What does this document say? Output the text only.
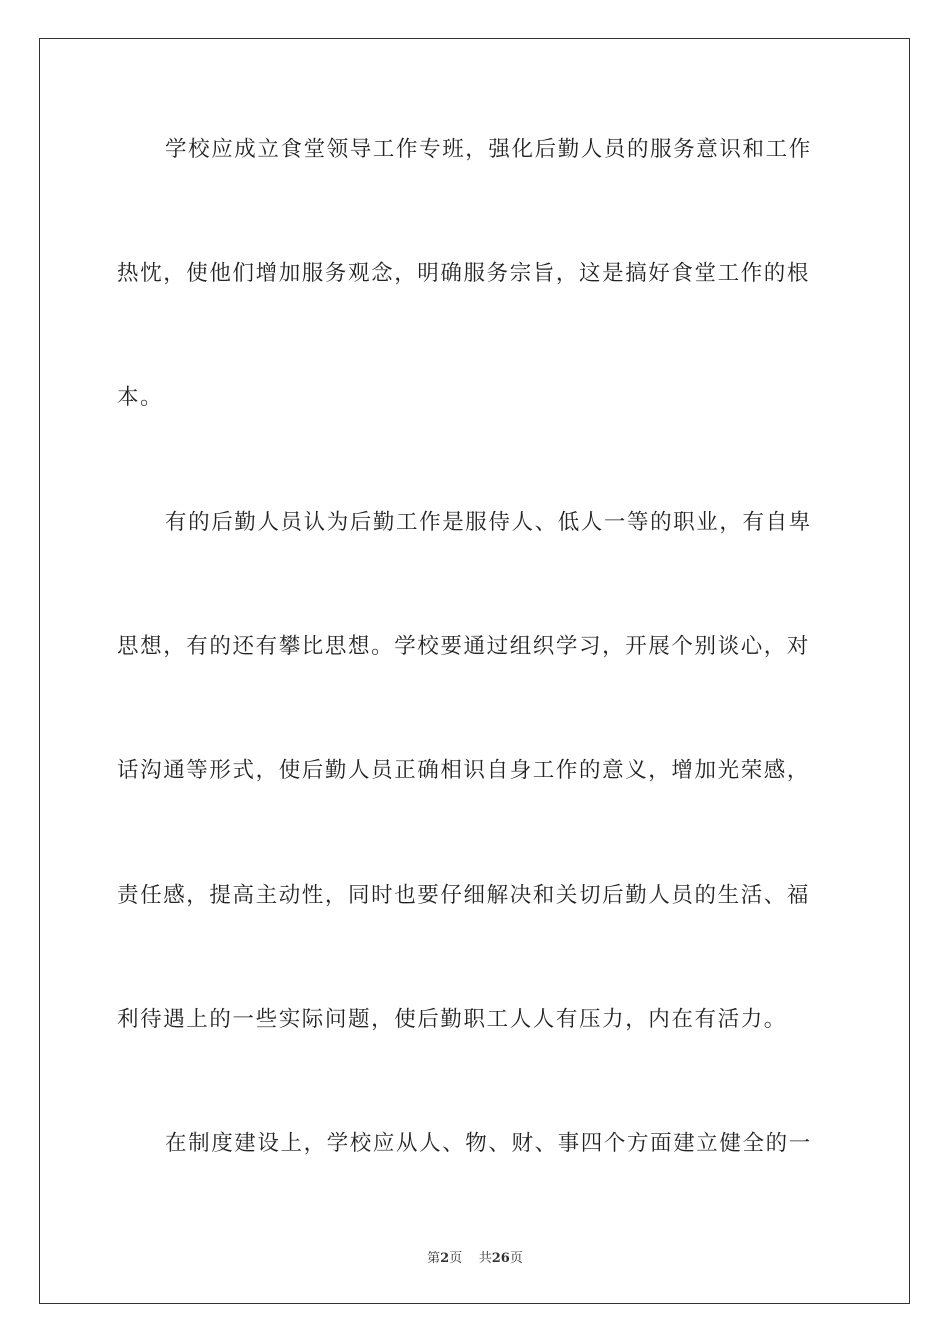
学校应成立食堂领导工作专班，强化后勤人员的服务意识和工作
热忱，使他们增加服务观念，明确服务宗旨，这是搞好食堂工作的根
本。
有的后勤人员认为后勤工作是服侍人、低人一等的职业，有自卑
思想，有的还有攀比思想。学校要通过组织学习，开展个别谈心，对
话沟通等形式，使后勤人员正确相识自身工作的意义，增加光荣感，
责任感，提高主动性，同时也要仔细解决和关切后勤人员的生活、福
利待遇上的一些实际问题，使后勤职工人人有压力，内在有活力。
在制度建设上，学校应从人、物、财、事四个方面建立健全的一
第2页 共26页
